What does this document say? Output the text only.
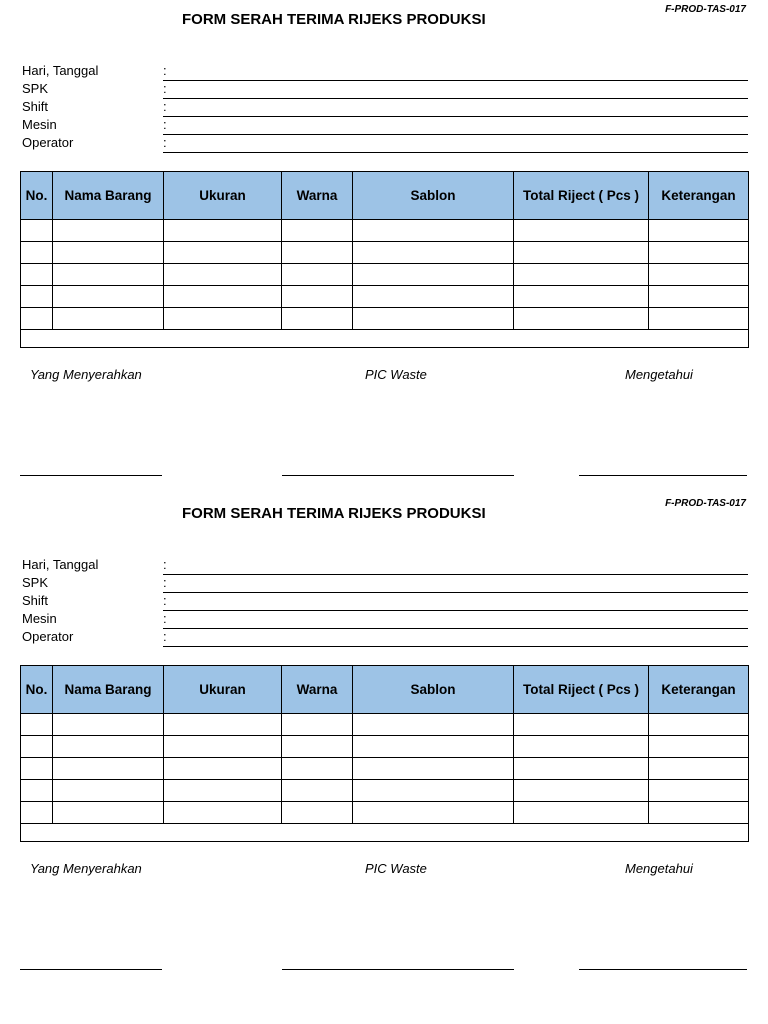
F-PROD-TAS-017
FORM SERAH TERIMA RIJEKS PRODUKSI
Hari, Tanggal	:
SPK	:
Shift	:
Mesin	:
Operator	:
No.	Nama Barang	Ukuran	Warna	Sablon	Total Riject ( Pcs )	Keterangan

Yang Menyerahkan	PIC Waste	Mengetahui
F-PROD-TAS-017
FORM SERAH TERIMA RIJEKS PRODUKSI
Hari, Tanggal	:
SPK	:
Shift	:
Mesin	:
Operator	:
No.	Nama Barang	Ukuran	Warna	Sablon	Total Riject ( Pcs )	Keterangan

Yang Menyerahkan	PIC Waste	Mengetahui
